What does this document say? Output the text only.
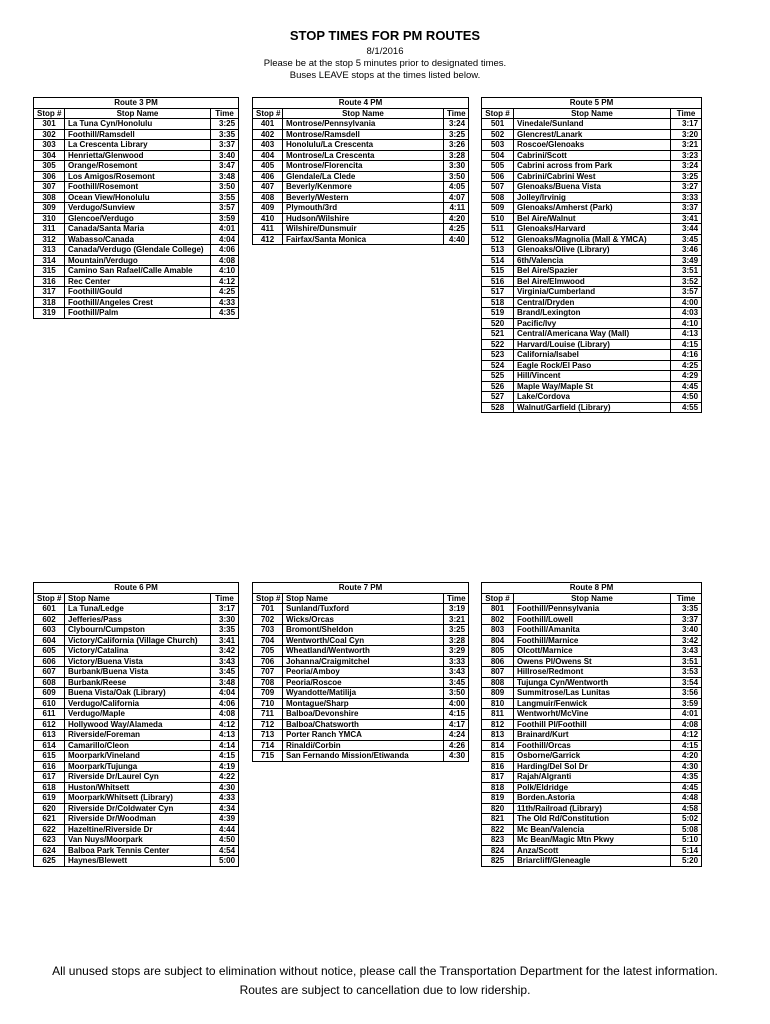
STOP TIMES FOR PM ROUTES
8/1/2016
Please be at the stop 5 minutes prior to designated times.
Buses LEAVE stops at the times listed below.
Route 3 PM		
Stop #	Stop Name	Time
301	La Tuna Cyn/Honolulu	3:25
302	Foothill/Ramsdell	3:35
303	La Crescenta Library	3:37
304	Henrietta/Glenwood	3:40
305	Orange/Rosemont	3:47
306	Los Amigos/Rosemont	3:48
307	Foothill/Rosemont	3:50
308	Ocean View/Honolulu	3:55
309	Verdugo/Sunview	3:57
310	Glencoe/Verdugo	3:59
311	Canada/Santa Maria	4:01
312	Wabasso/Canada	4:04
313	Canada/Verdugo (Glendale College)	4:06
314	Mountain/Verdugo	4:08
315	Camino San Rafael/Calle Amable	4:10
316	Rec Center	4:12
317	Foothill/Gould	4:25
318	Foothill/Angeles Crest	4:33
319	Foothill/Palm	4:35
Route 4 PM		
Stop #	Stop Name	Time
401	Montrose/Pennsylvania	3:24
402	Montrose/Ramsdell	3:25
403	Honolulu/La Crescenta	3:26
404	Montrose/La Crescenta	3:28
405	Montrose/Florencita	3:30
406	Glendale/La Clede	3:50
407	Beverly/Kenmore	4:05
408	Beverly/Western	4:07
409	Plymouth/3rd	4:11
410	Hudson/Wilshire	4:20
411	Wilshire/Dunsmuir	4:25
412	Fairfax/Santa Monica	4:40
Route 5 PM		
Stop #	Stop Name	Time
501	Vinedale/Sunland	3:17
502	Glencrest/Lanark	3:20
503	Roscoe/Glenoaks	3:21
504	Cabrini/Scott	3:23
505	Cabrini across from Park	3:24
506	Cabrini/Cabrini West	3:25
507	Glenoaks/Buena Vista	3:27
508	Jolley/Irvinig	3:33
509	Glenoaks/Amherst (Park)	3:37
510	Bel Aire/Walnut	3:41
511	Glenoaks/Harvard	3:44
512	Glenoaks/Magnolia (Mall & YMCA)	3:45
513	Glenoaks/Olive (Library)	3:46
514	6th/Valencia	3:49
515	Bel Aire/Spazier	3:51
516	Bel Aire/Elmwood	3:52
517	Virginia/Cumberland	3:57
518	Central/Dryden	4:00
519	Brand/Lexington	4:03
520	Pacific/Ivy	4:10
521	Central/Americana Way (Mall)	4:13
522	Harvard/Louise (Library)	4:15
523	California/Isabel	4:16
524	Eagle Rock/El Paso	4:25
525	Hill/Vincent	4:29
526	Maple Way/Maple St	4:45
527	Lake/Cordova	4:50
528	Walnut/Garfield (Library)	4:55
Route 6 PM		
Stop #	Stop Name	Time
601	La Tuna/Ledge	3:17
602	Jefferies/Pass	3:30
603	Clybourn/Cumpston	3:35
604	Victory/California (Village Church)	3:41
605	Victory/Catalina	3:42
606	Victory/Buena Vista	3:43
607	Burbank/Buena Vista	3:45
608	Burbank/Reese	3:48
609	Buena Vista/Oak (Library)	4:04
610	Verdugo/California	4:06
611	Verdugo/Maple	4:08
612	Hollywood Way/Alameda	4:12
613	Riverside/Foreman	4:13
614	Camarillo/Cleon	4:14
615	Moorpark/Vineland	4:15
616	Moorpark/Tujunga	4:19
617	Riverside Dr/Laurel Cyn	4:22
618	Huston/Whitsett	4:30
619	Moorpark/Whitsett (Library)	4:33
620	Riverside Dr/Coldwater Cyn	4:34
621	Riverside Dr/Woodman	4:39
622	Hazeltine/Riverside Dr	4:44
623	Van Nuys/Moorpark	4:50
624	Balboa Park Tennis Center	4:54
625	Haynes/Blewett	5:00
Route 7 PM		
Stop #	Stop Name	Time
701	Sunland/Tuxford	3:19
702	Wicks/Orcas	3:21
703	Bromont/Sheldon	3:25
704	Wentworth/Coal Cyn	3:28
705	Wheatland/Wentworth	3:29
706	Johanna/Craigmitchel	3:33
707	Peoria/Amboy	3:43
708	Peoria/Roscoe	3:45
709	Wyandotte/Matilija	3:50
710	Montague/Sharp	4:00
711	Balboa/Devonshire	4:15
712	Balboa/Chatsworth	4:17
713	Porter Ranch YMCA	4:24
714	Rinaldi/Corbin	4:26
715	San Fernando Mission/Etiwanda	4:30
Route 8 PM		
Stop #	Stop Name	Time
801	Foothill/Pennsylvania	3:35
802	Foothill/Lowell	3:37
803	Foothill/Amanita	3:40
804	Foothill/Marnice	3:42
805	Olcott/Marnice	3:43
806	Owens Pl/Owens St	3:51
807	Hillrose/Redmont	3:53
808	Tujunga Cyn/Wentworth	3:54
809	Summitrose/Las Lunitas	3:56
810	Langmuir/Fenwick	3:59
811	Wentworht/McVine	4:01
812	Foothill Pl/Foothill	4:08
813	Brainard/Kurt	4:12
814	Foothill/Orcas	4:15
815	Osborne/Garrick	4:20
816	Harding/Del Sol Dr	4:30
817	Rajah/Algranti	4:35
818	Polk/Eldridge	4:45
819	Borden.Astoria	4:48
820	11th/Railroad (Library)	4:58
821	The Old Rd/Constitution	5:02
822	Mc Bean/Valencia	5:08
823	Mc Bean/Magic Mtn Pkwy	5:10
824	Anza/Scott	5:14
825	Briarcliff/Gleneagle	5:20
All unused stops are subject to elimination without notice, please call the Transportation Department for the latest information.
Routes are subject to cancellation due to low ridership.
